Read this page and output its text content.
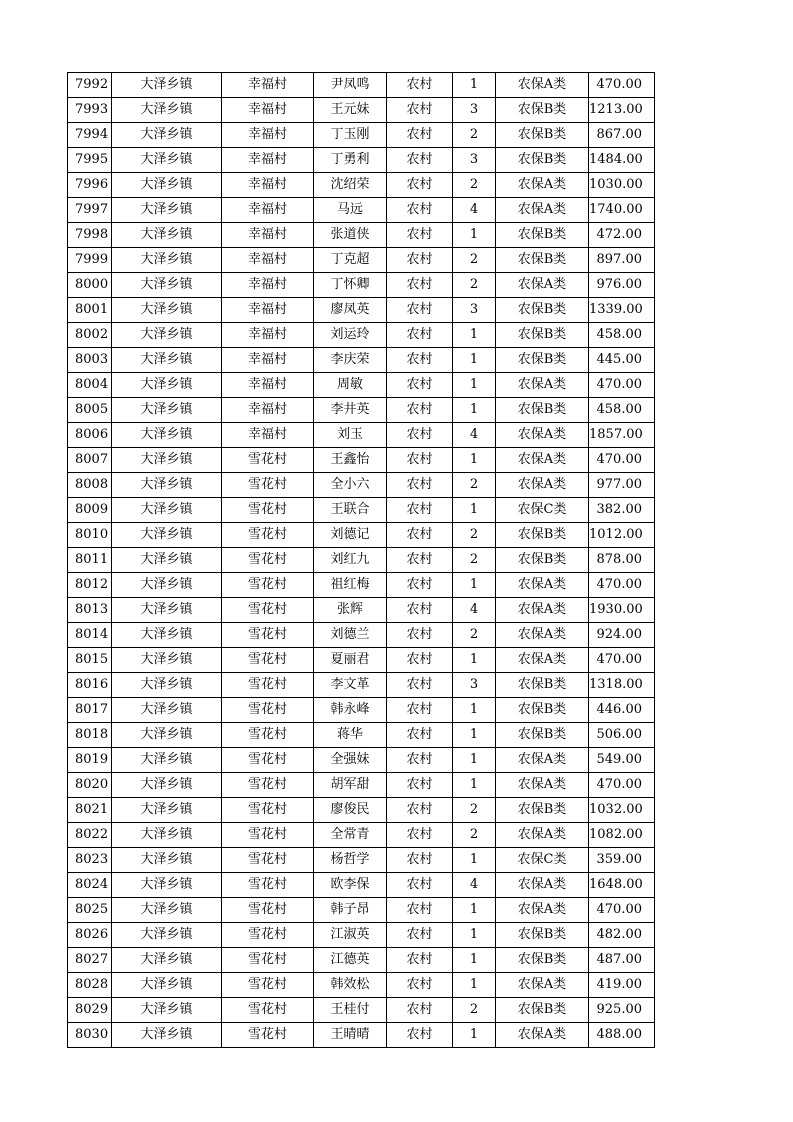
7992	大泽乡镇	幸福村	尹凤鸣	农村	1	农保A类	470.00
7993	大泽乡镇	幸福村	王元妹	农村	3	农保B类	1213.00
7994	大泽乡镇	幸福村	丁玉刚	农村	2	农保B类	867.00
7995	大泽乡镇	幸福村	丁勇利	农村	3	农保B类	1484.00
7996	大泽乡镇	幸福村	沈绍荣	农村	2	农保A类	1030.00
7997	大泽乡镇	幸福村	马远	农村	4	农保A类	1740.00
7998	大泽乡镇	幸福村	张道侠	农村	1	农保B类	472.00
7999	大泽乡镇	幸福村	丁克超	农村	2	农保B类	897.00
8000	大泽乡镇	幸福村	丁怀卿	农村	2	农保A类	976.00
8001	大泽乡镇	幸福村	廖凤英	农村	3	农保B类	1339.00
8002	大泽乡镇	幸福村	刘运玲	农村	1	农保B类	458.00
8003	大泽乡镇	幸福村	李庆荣	农村	1	农保B类	445.00
8004	大泽乡镇	幸福村	周敏	农村	1	农保A类	470.00
8005	大泽乡镇	幸福村	李井英	农村	1	农保B类	458.00
8006	大泽乡镇	幸福村	刘玉	农村	4	农保A类	1857.00
8007	大泽乡镇	雪花村	王鑫怡	农村	1	农保A类	470.00
8008	大泽乡镇	雪花村	全小六	农村	2	农保A类	977.00
8009	大泽乡镇	雪花村	王联合	农村	1	农保C类	382.00
8010	大泽乡镇	雪花村	刘德记	农村	2	农保B类	1012.00
8011	大泽乡镇	雪花村	刘红九	农村	2	农保B类	878.00
8012	大泽乡镇	雪花村	祖红梅	农村	1	农保A类	470.00
8013	大泽乡镇	雪花村	张辉	农村	4	农保A类	1930.00
8014	大泽乡镇	雪花村	刘德兰	农村	2	农保A类	924.00
8015	大泽乡镇	雪花村	夏丽君	农村	1	农保A类	470.00
8016	大泽乡镇	雪花村	李文革	农村	3	农保B类	1318.00
8017	大泽乡镇	雪花村	韩永峰	农村	1	农保B类	446.00
8018	大泽乡镇	雪花村	蒋华	农村	1	农保B类	506.00
8019	大泽乡镇	雪花村	全强妹	农村	1	农保A类	549.00
8020	大泽乡镇	雪花村	胡军甜	农村	1	农保A类	470.00
8021	大泽乡镇	雪花村	廖俊民	农村	2	农保B类	1032.00
8022	大泽乡镇	雪花村	全常青	农村	2	农保A类	1082.00
8023	大泽乡镇	雪花村	杨哲学	农村	1	农保C类	359.00
8024	大泽乡镇	雪花村	欧李保	农村	4	农保A类	1648.00
8025	大泽乡镇	雪花村	韩子昂	农村	1	农保A类	470.00
8026	大泽乡镇	雪花村	江淑英	农村	1	农保B类	482.00
8027	大泽乡镇	雪花村	江德英	农村	1	农保B类	487.00
8028	大泽乡镇	雪花村	韩效松	农村	1	农保A类	419.00
8029	大泽乡镇	雪花村	王桂付	农村	2	农保B类	925.00
8030	大泽乡镇	雪花村	王晴晴	农村	1	农保A类	488.00
